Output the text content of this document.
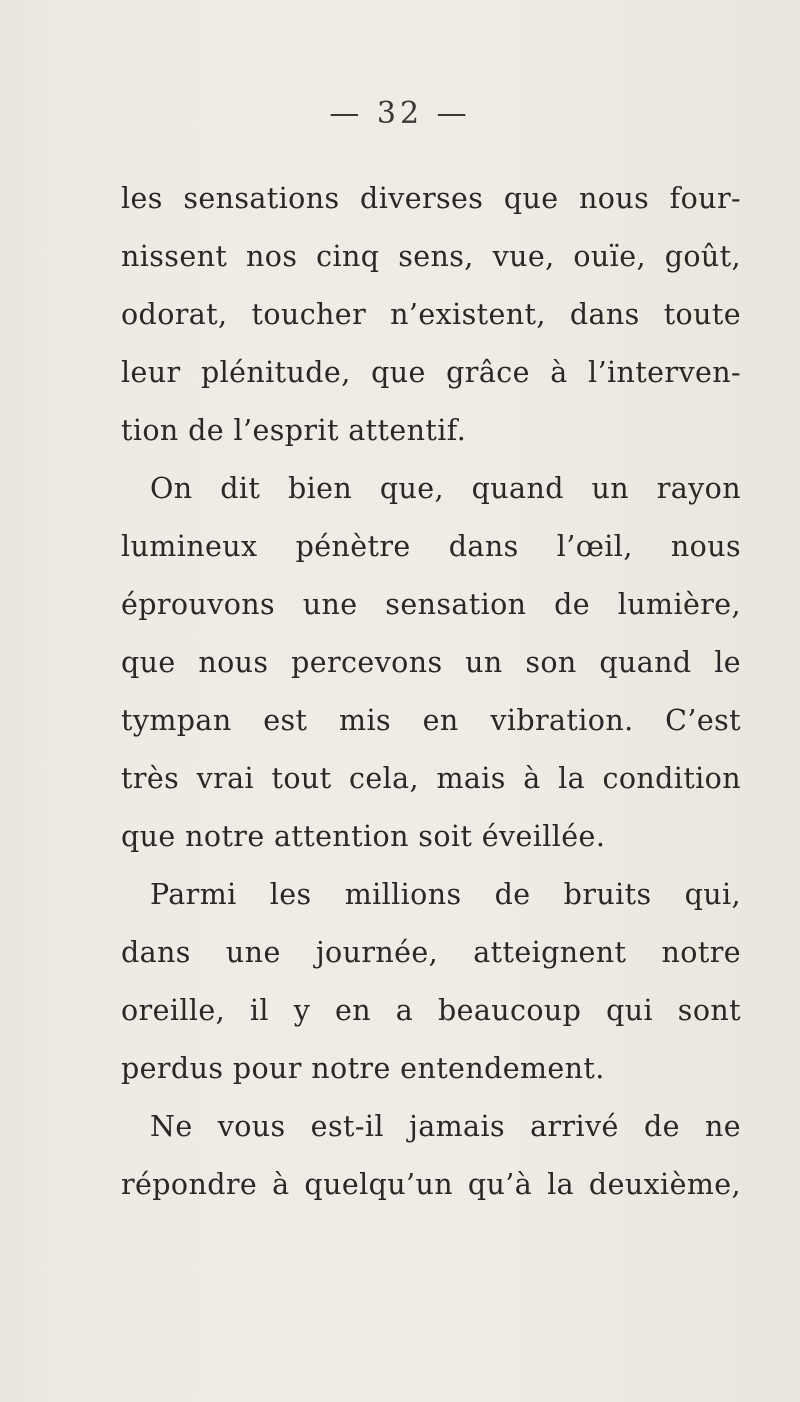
— 32 —
les sensations diverses que nous four-
nissent nos cinq sens, vue, ouïe, goût,
odorat, toucher n’existent, dans toute
leur plénitude, que grâce à l’interven-
tion de l’esprit attentif.
On dit bien que, quand un rayon
lumineux pénètre dans l’œil, nous
éprouvons une sensation de lumière,
que nous percevons un son quand le
tympan est mis en vibration. C’est
très vrai tout cela, mais à la condition
que notre attention soit éveillée.
Parmi les millions de bruits qui,
dans une journée, atteignent notre
oreille, il y en a beaucoup qui sont
perdus pour notre entendement.
Ne vous est-il jamais arrivé de ne
répondre à quelqu’un qu’à la deuxième,
